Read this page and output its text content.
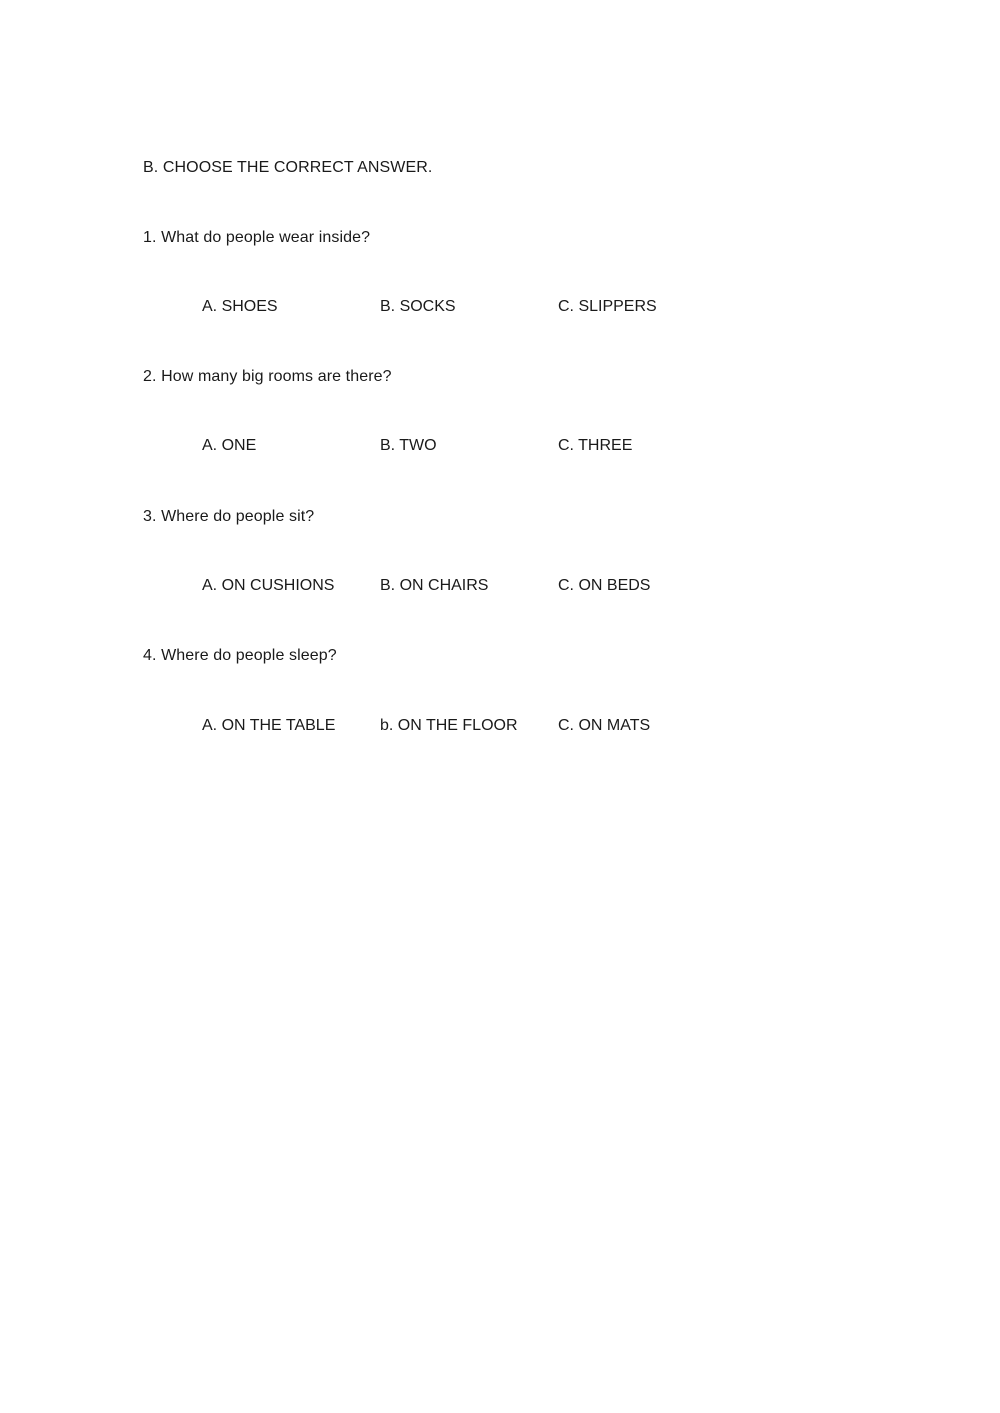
B. CHOOSE THE CORRECT ANSWER.
1. What do people wear inside?
A. SHOES	B. SOCKS	C. SLIPPERS
2. How many big rooms are there?
A. ONE	B. TWO	C. THREE
3. Where do people sit?
A. ON CUSHIONS	B. ON CHAIRS	C. ON BEDS
4. Where do people sleep?
A. ON THE TABLE	b. ON THE FLOOR	C. ON MATS
